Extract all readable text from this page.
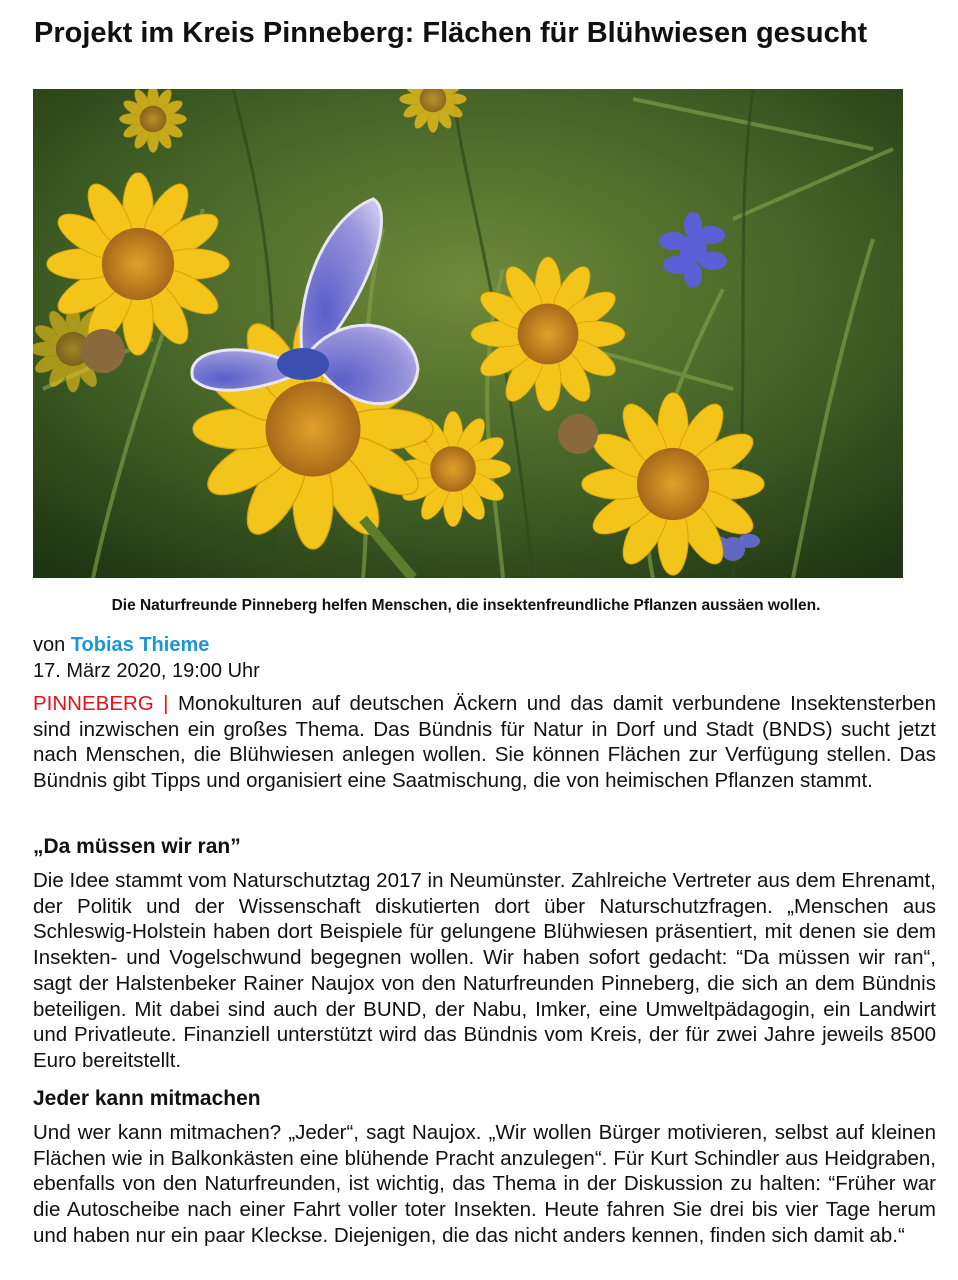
Projekt im Kreis Pinneberg: Flächen für Blühwiesen gesucht
Die Naturfreunde Pinneberg helfen Menschen, die insektenfreundliche Pflanzen aussäen wollen.
von Tobias Thieme
17. März 2020, 19:00 Uhr

PINNEBERG | Monokulturen auf deutschen Äckern und das damit verbundene Insektensterben sind inzwischen ein großes Thema. Das Bündnis für Natur in Dorf und Stadt (BNDS) sucht jetzt nach Menschen, die Blühwiesen anlegen wollen. Sie können Flächen zur Verfügung stellen. Das Bündnis gibt Tipps und organisiert eine Saatmischung, die von heimischen Pflanzen stammt.

„Da müssen wir ran”

Die Idee stammt vom Naturschutztag 2017 in Neumünster. Zahlreiche Vertreter aus dem Ehrenamt, der Politik und der Wissenschaft diskutierten dort über Naturschutzfragen. „Menschen aus Schleswig-Holstein haben dort Beispiele für gelungene Blühwiesen präsentiert, mit denen sie dem Insekten- und Vogelschwund begegnen wollen. Wir haben sofort gedacht: “Da müssen wir ran“, sagt der Halstenbeker Rainer Naujox von den Naturfreunden Pinneberg, die sich an dem Bündnis beteiligen. Mit dabei sind auch der BUND, der Nabu, Imker, eine Umweltpädagogin, ein Landwirt und Privatleute. Finanziell unterstützt wird das Bündnis vom Kreis, der für zwei Jahre jeweils 8500 Euro bereitstellt.

Jeder kann mitmachen

Und wer kann mitmachen? „Jeder“, sagt Naujox. „Wir wollen Bürger motivieren, selbst auf kleinen Flächen wie in Balkonkästen eine blühende Pracht anzulegen“. Für Kurt Schindler aus Heidgraben, ebenfalls von den Naturfreunden, ist wichtig, das Thema in der Diskussion zu halten: “Früher war die Autoscheibe nach einer Fahrt voller toter Insekten. Heute fahren Sie drei bis vier Tage herum und haben nur ein paar Kleckse. Diejenigen, die das nicht anders kennen, finden sich damit ab.“
